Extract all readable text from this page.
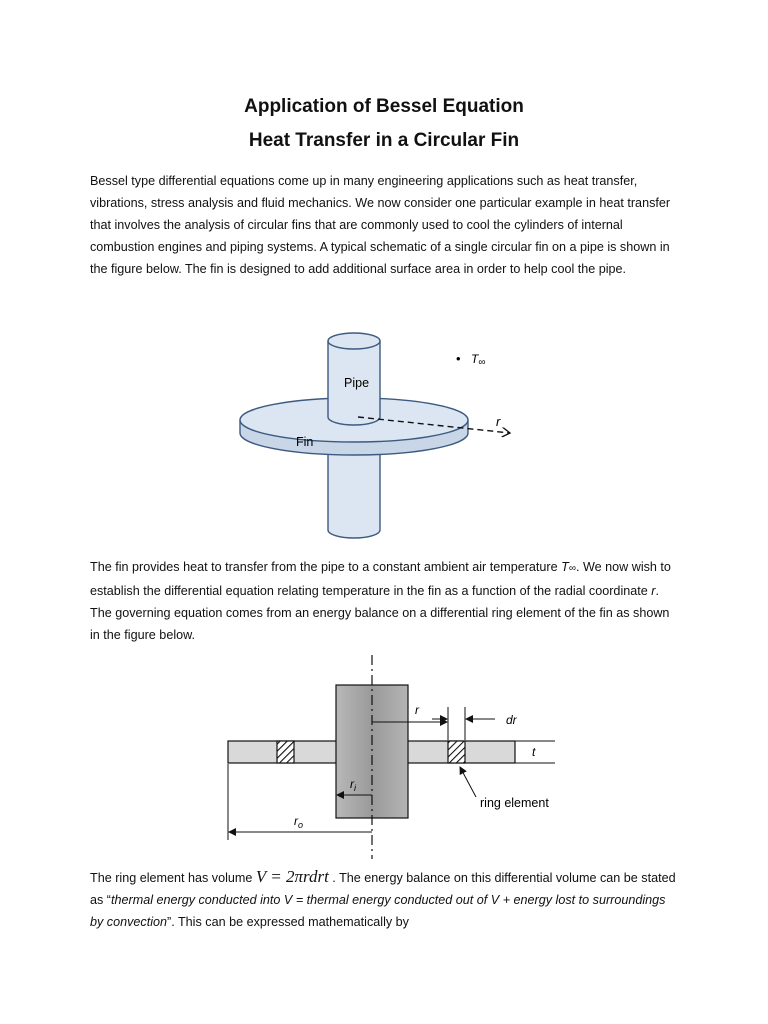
Application of Bessel Equation
Heat Transfer in a Circular Fin

Bessel type differential equations come up in many engineering applications such as heat transfer, vibrations, stress analysis and fluid mechanics. We now consider one particular example in heat transfer that involves the analysis of circular fins that are commonly used to cool the cylinders of internal combustion engines and piping systems. A typical schematic of a single circular fin on a pipe is shown in the figure below. The fin is designed to add additional surface area in order to help cool the pipe.

Pipe
Fin
r
• T∞

The fin provides heat to transfer from the pipe to a constant ambient air temperature T∞. We now wish to establish the differential equation relating temperature in the fin as a function of the radial coordinate r. The governing equation comes from an energy balance on a differential ring element of the fin as shown in the figure below.

r
dr
t
$r_i$
$r_o$
ring element

The ring element has volume V = 2πrdrt . The energy balance on this differential volume can be stated as “thermal energy conducted into V = thermal energy conducted out of V + energy lost to surroundings by convection”. This can be expressed mathematically by
